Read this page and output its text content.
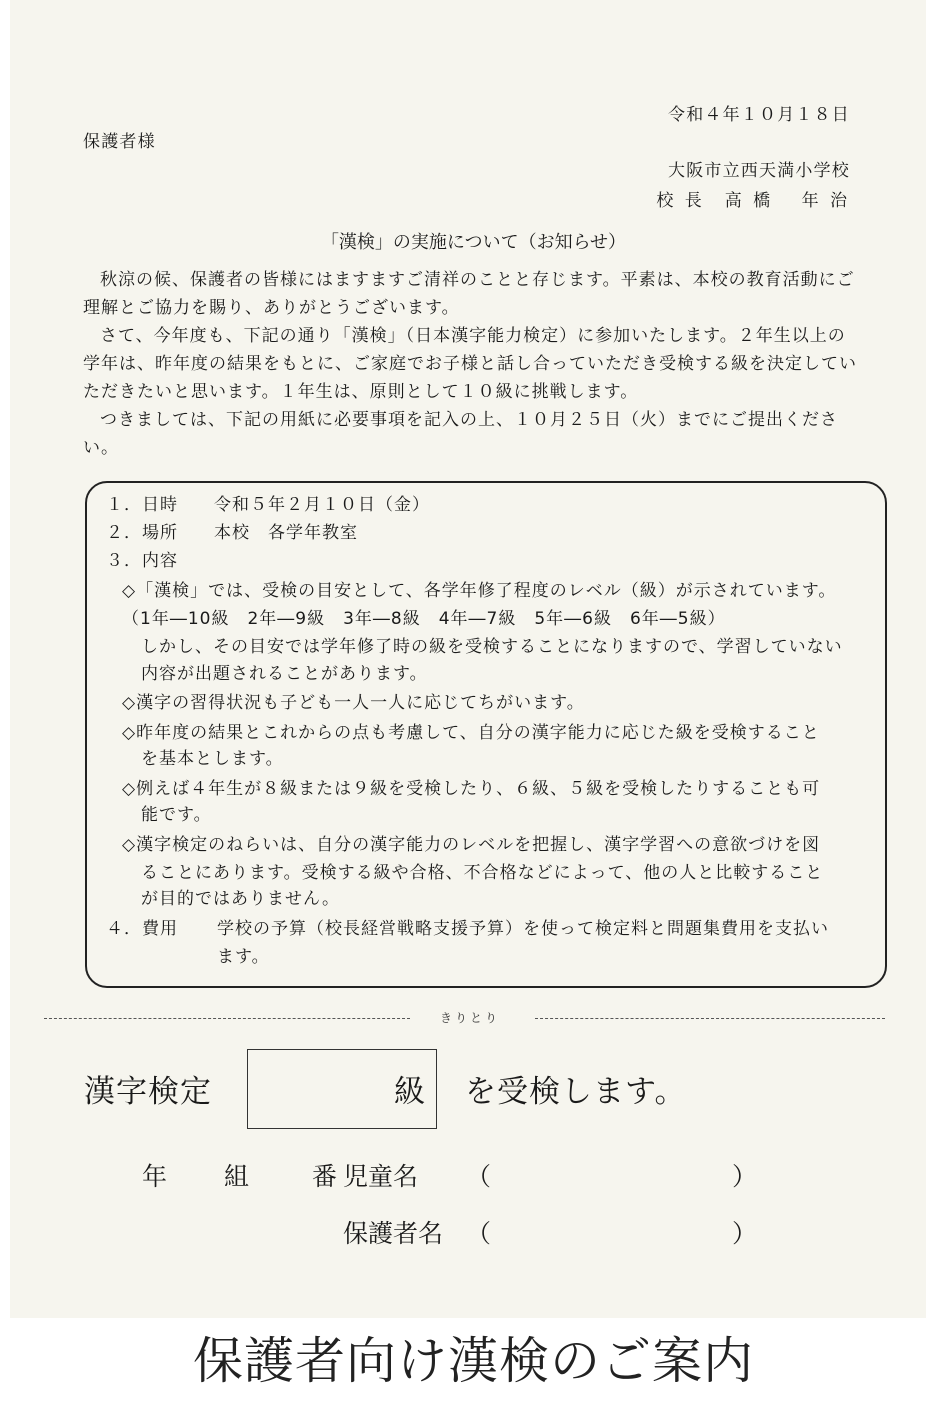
令和４年１０月１８日
保護者様
大阪市立西天満小学校
校 長　高 橋　 年 治
「漢検」の実施について（お知らせ）

秋涼の候、保護者の皆様にはますますご清祥のことと存じます。平素は、本校の教育活動にご理解とご協力を賜り、ありがとうございます。

さて、今年度も、下記の通り「漢検」（日本漢字能力検定）に参加いたします。２年生以上の学年は、昨年度の結果をもとに、ご家庭でお子様と話し合っていただき受検する級を決定していただきたいと思います。１年生は、原則として１０級に挑戦します。

つきましては、下記の用紙に必要事項を記入の上、１０月２５日（火）までにご提出ください。

１．日時　　令和５年２月１０日（金）
２．場所　　本校　各学年教室
３．内容
◇「漢検」では、受検の目安として、各学年修了程度のレベル（級）が示されています。
（1年―10級　2年―9級　3年―8級　4年―7級　5年―6級　6年―5級）
しかし、その目安では学年修了時の級を受検することになりますので、学習していない
内容が出題されることがあります。
◇漢字の習得状況も子ども一人一人に応じてちがいます。
◇昨年度の結果とこれからの点も考慮して、自分の漢字能力に応じた級を受検すること
を基本とします。
◇例えば４年生が８級または９級を受検したり、６級、５級を受検したりすることも可
能です。
◇漢字検定のねらいは、自分の漢字能力のレベルを把握し、漢字学習への意欲づけを図
ることにあります。受検する級や合格、不合格などによって、他の人と比較すること
が目的ではありません。
４．費用 学校の予算（校長経営戦略支援予算）を使って検定料と問題集費用を支払い
ます。
きりとり
漢字検定	級 を受検します。
年 組	番 児童名 （	）
保護者名 （	）
保護者向け漢検のご案内
